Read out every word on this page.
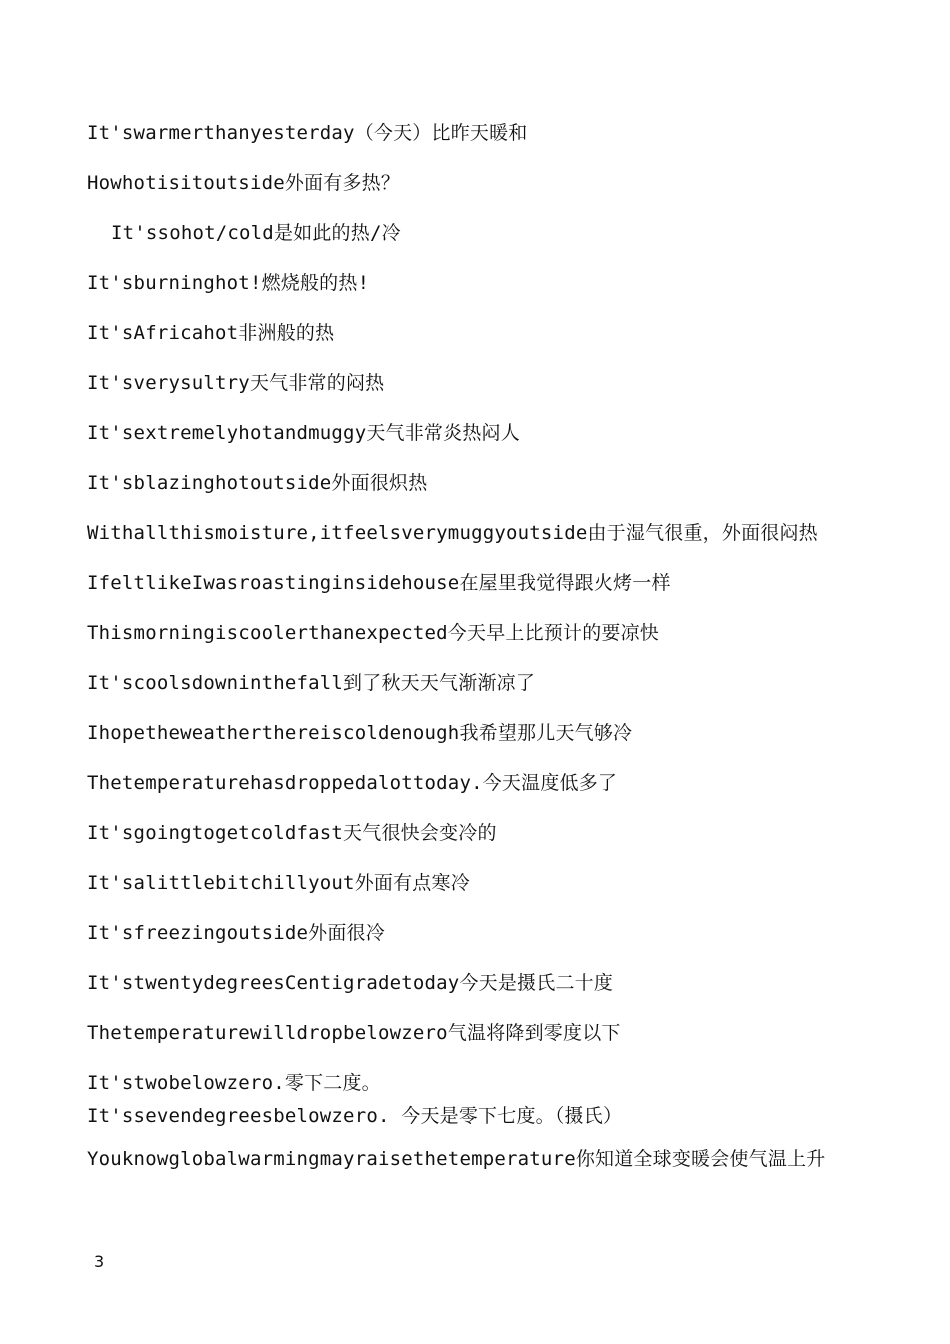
It'swarmerthanyesterday（今天）比昨天暖和
Howhotisitoutside外面有多热？
It'ssohot/cold是如此的热/冷
It'sburninghot!燃烧般的热!
It'sAfricahot非洲般的热
It'sverysultry天气非常的闷热
It'sextremelyhotandmuggy天气非常炎热闷人
It'sblazinghotoutside外面很炽热
Withallthismoisture,itfeelsverymuggyoutside由于湿气很重，外面很闷热
IfeltlikeIwasroastinginsidehouse在屋里我觉得跟火烤一样
Thismorningiscoolerthanexpected今天早上比预计的要凉快
It'scoolsdowninthefall到了秋天天气渐渐凉了
Ihopetheweatherthereiscoldenough我希望那儿天气够冷
Thetemperaturehasdroppedalottoday.今天温度低多了
It'sgoingtogetcoldfast天气很快会变冷的
It'salittlebitchillyout外面有点寒冷
It'sfreezingoutside外面很冷
It'stwentydegreesCentigradetoday今天是摄氏二十度
Thetemperaturewilldropbelowzero气温将降到零度以下
It'stwobelowzero.零下二度。
It'ssevendegreesbelowzero. 今天是零下七度。（摄氏）
Youknowglobalwarmingmayraisethetemperature你知道全球变暖会使气温上升
3
